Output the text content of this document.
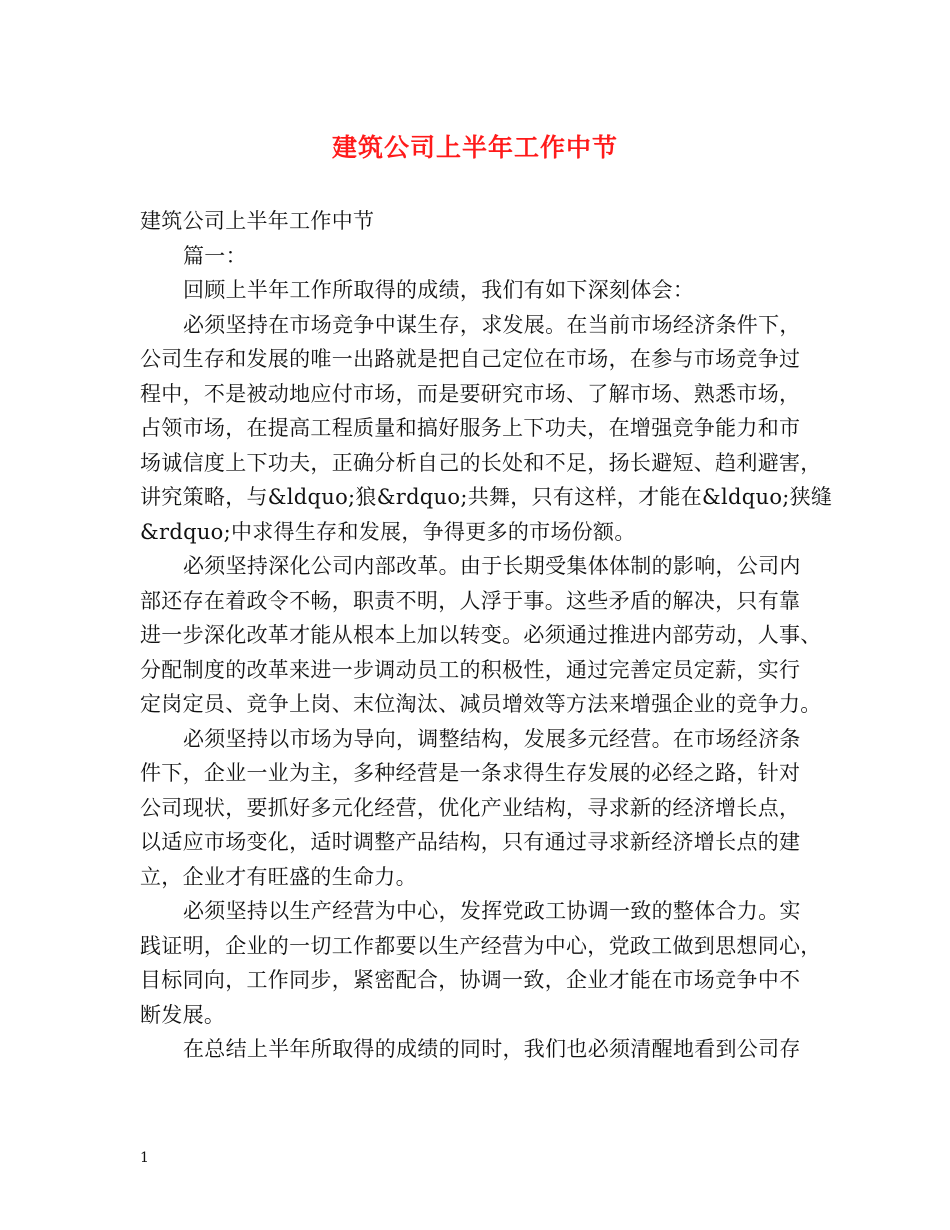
建筑公司上半年工作中节
建筑公司上半年工作中节
篇一：
回顾上半年工作所取得的成绩，我们有如下深刻体会：
必须坚持在市场竞争中谋生存，求发展。在当前市场经济条件下，
公司生存和发展的唯一出路就是把自己定位在市场，在参与市场竞争过
程中，不是被动地应付市场，而是要研究市场、了解市场、熟悉市场，
占领市场，在提高工程质量和搞好服务上下功夫，在增强竞争能力和市
场诚信度上下功夫，正确分析自己的长处和不足，扬长避短、趋利避害，
讲究策略，与&ldquo;狼&rdquo;共舞，只有这样，才能在&ldquo;狭缝
&rdquo;中求得生存和发展，争得更多的市场份额。
必须坚持深化公司内部改革。由于长期受集体体制的影响，公司内
部还存在着政令不畅，职责不明，人浮于事。这些矛盾的解决，只有靠
进一步深化改革才能从根本上加以转变。必须通过推进内部劳动，人事、
分配制度的改革来进一步调动员工的积极性，通过完善定员定薪，实行
定岗定员、竞争上岗、末位淘汰、减员增效等方法来增强企业的竞争力。
必须坚持以市场为导向，调整结构，发展多元经营。在市场经济条
件下，企业一业为主，多种经营是一条求得生存发展的必经之路，针对
公司现状，要抓好多元化经营，优化产业结构，寻求新的经济增长点，
以适应市场变化，适时调整产品结构，只有通过寻求新经济增长点的建
立，企业才有旺盛的生命力。
必须坚持以生产经营为中心，发挥党政工协调一致的整体合力。实
践证明，企业的一切工作都要以生产经营为中心，党政工做到思想同心，
目标同向，工作同步，紧密配合，协调一致，企业才能在市场竞争中不
断发展。
在总结上半年所取得的成绩的同时，我们也必须清醒地看到公司存
1
